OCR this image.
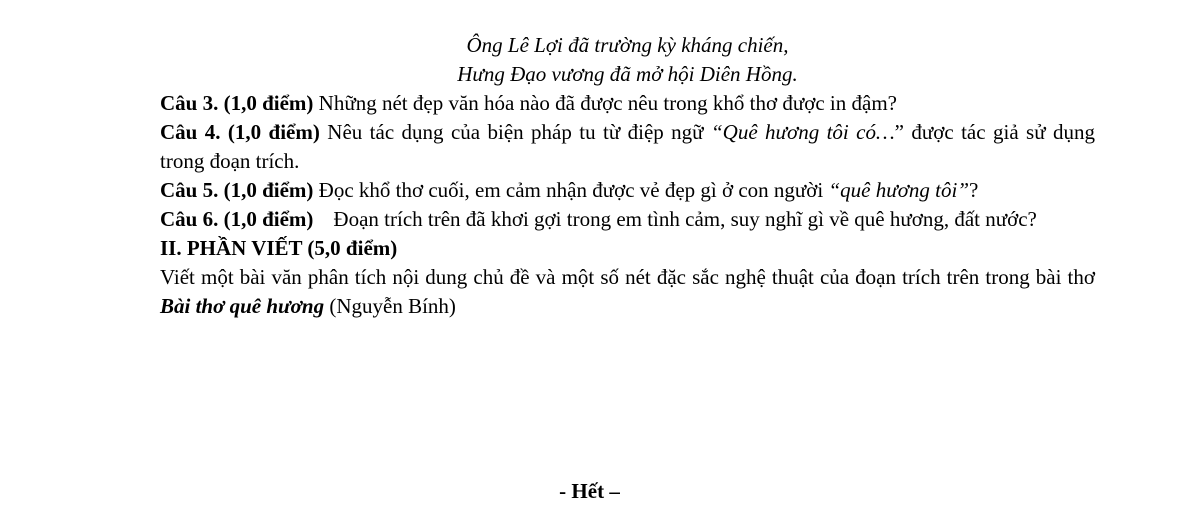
Ông Lê Lợi đã trường kỳ kháng chiến,
Hưng Đạo vương đã mở hội Diên Hồng.
Câu 3. (1,0 điểm) Những nét đẹp văn hóa nào đã được nêu trong khổ thơ được in đậm?
Câu 4. (1,0 điểm) Nêu tác dụng của biện pháp tu từ điệp ngữ “Quê hương tôi có…” được tác giả sử dụng trong đoạn trích.
Câu 5. (1,0 điểm) Đọc khổ thơ cuối, em cảm nhận được vẻ đẹp gì ở con người “quê hương tôi”?
Câu 6. (1,0 điểm) Đoạn trích trên đã khơi gợi trong em tình cảm, suy nghĩ gì về quê hương, đất nước?
II. PHẦN VIẾT (5,0 điểm)
Viết một bài văn phân tích nội dung chủ đề và một số nét đặc sắc nghệ thuật của đoạn trích trên trong bài thơ Bài thơ quê hương (Nguyễn Bính)
- Hết –
